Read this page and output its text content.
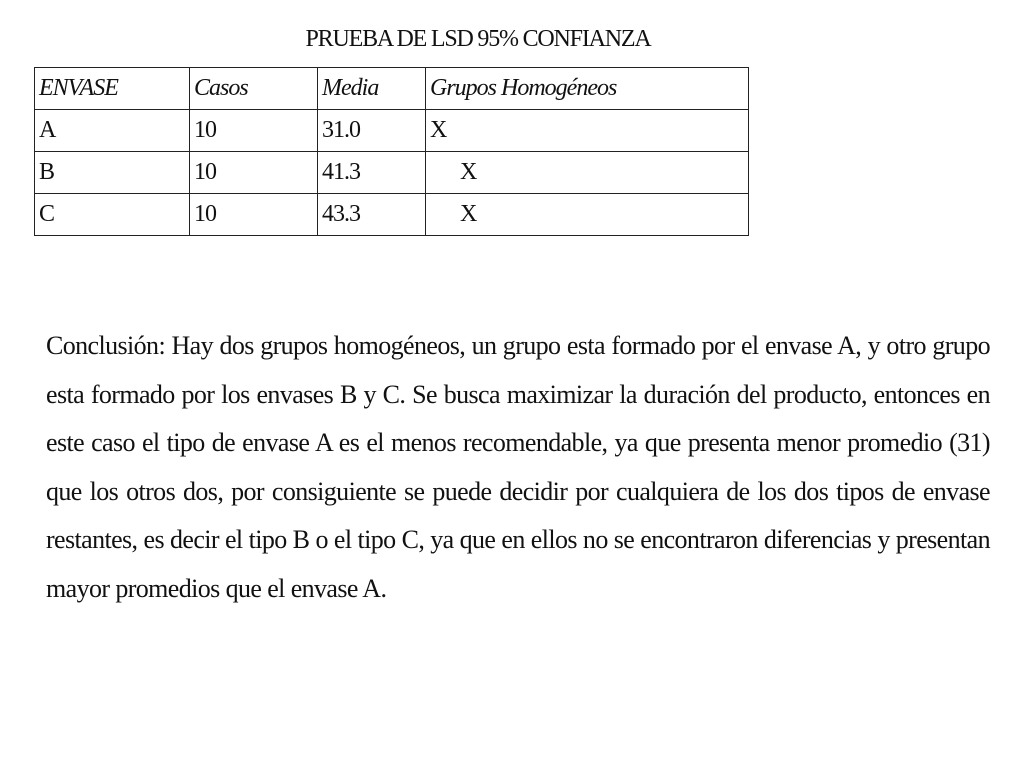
PRUEBA DE LSD 95% CONFIANZA
ENVASE	Casos	Media	Grupos Homogéneos
A	10	31.0	X
B	10	41.3	X
C	10	43.3	X

Conclusión: Hay dos grupos homogéneos, un grupo esta formado por el envase A, y otro grupo esta formado por los envases B y C. Se busca maximizar la duración del producto, entonces en este caso el tipo de envase A es el menos recomendable, ya que presenta menor promedio (31) que los otros dos, por consiguiente se puede decidir por cualquiera de los dos tipos de envase restantes, es decir el tipo B o el tipo C, ya que en ellos no se encontraron diferencias y presentan mayor promedios que el envase A.
